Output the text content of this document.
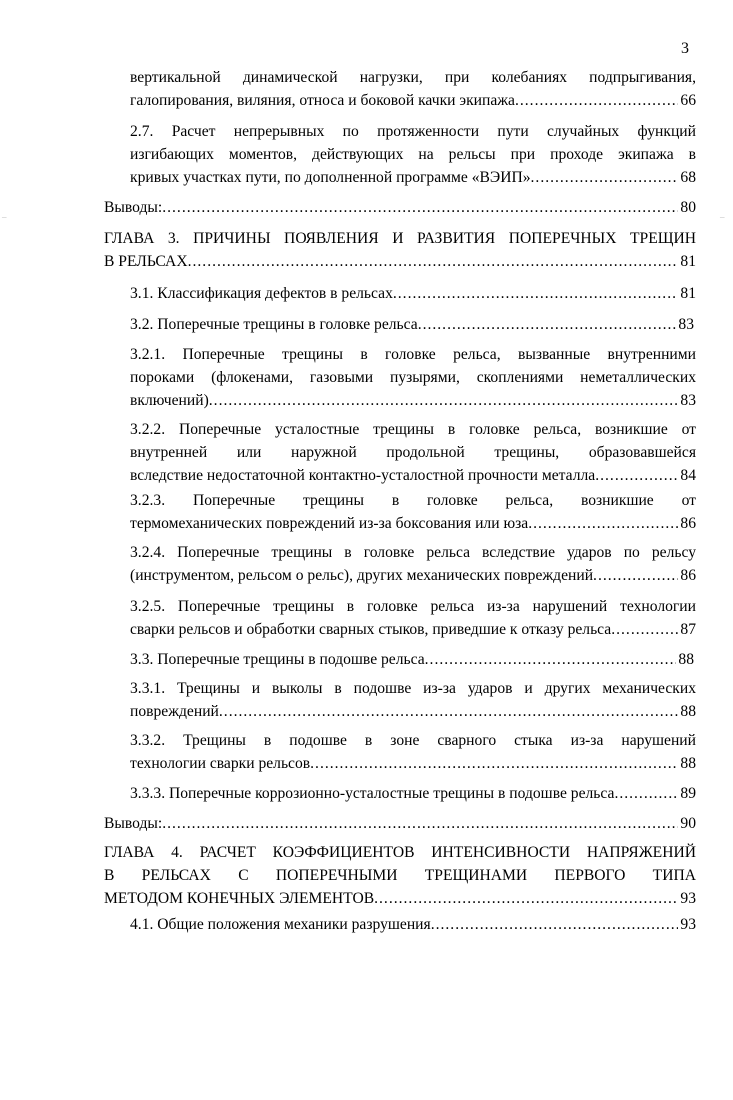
3
вертикальной динамической нагрузки, при колебаниях подпрыгивания,
галопирования, виляния, относа и боковой качки экипажа .....	66
2.7. Расчет непрерывных по протяженности пути случайных функций
изгибающих моментов, действующих на рельсы при проходе экипажа в
кривых участках пути, по дополненной программе «ВЭИП» .....	68
Выводы: .....	80
ГЛАВА 3. ПРИЧИНЫ ПОЯВЛЕНИЯ И РАЗВИТИЯ ПОПЕРЕЧНЫХ ТРЕЩИН
В РЕЛЬСАХ .....	81
3.1. Классификация дефектов в рельсах .....	81
3.2. Поперечные трещины в головке рельса .....	83
3.2.1. Поперечные трещины в головке рельса, вызванные внутренними
пороками (флокенами, газовыми пузырями, скоплениями неметаллических
включений) .....	83
3.2.2. Поперечные усталостные трещины в головке рельса, возникшие от
внутренней или наружной продольной трещины, образовавшейся
вследствие недостаточной контактно-усталостной прочности металла .....	84
3.2.3. Поперечные трещины в головке рельса, возникшие от
термомеханических повреждений из-за боксования или юза .....	86
3.2.4. Поперечные трещины в головке рельса вследствие ударов по рельсу
(инструментом, рельсом о рельс), других механических повреждений .....	86
3.2.5. Поперечные трещины в головке рельса из-за нарушений технологии
сварки рельсов и обработки сварных стыков, приведшие к отказу рельса .....	87
3.3. Поперечные трещины в подошве рельса .....	88
3.3.1. Трещины и выколы в подошве из-за ударов и других механических
повреждений .....	88
3.3.2. Трещины в подошве в зоне сварного стыка из-за нарушений
технологии сварки рельсов .....	88
3.3.3. Поперечные коррозионно-усталостные трещины в подошве рельса .....	89
Выводы: .....	90
ГЛАВА 4. РАСЧЕТ КОЭФФИЦИЕНТОВ ИНТЕНСИВНОСТИ НАПРЯЖЕНИЙ
В РЕЛЬСАХ С ПОПЕРЕЧНЫМИ ТРЕЩИНАМИ ПЕРВОГО ТИПА
МЕТОДОМ КОНЕЧНЫХ ЭЛЕМЕНТОВ .....	93
4.1. Общие положения механики разрушения .....	93
–	–
